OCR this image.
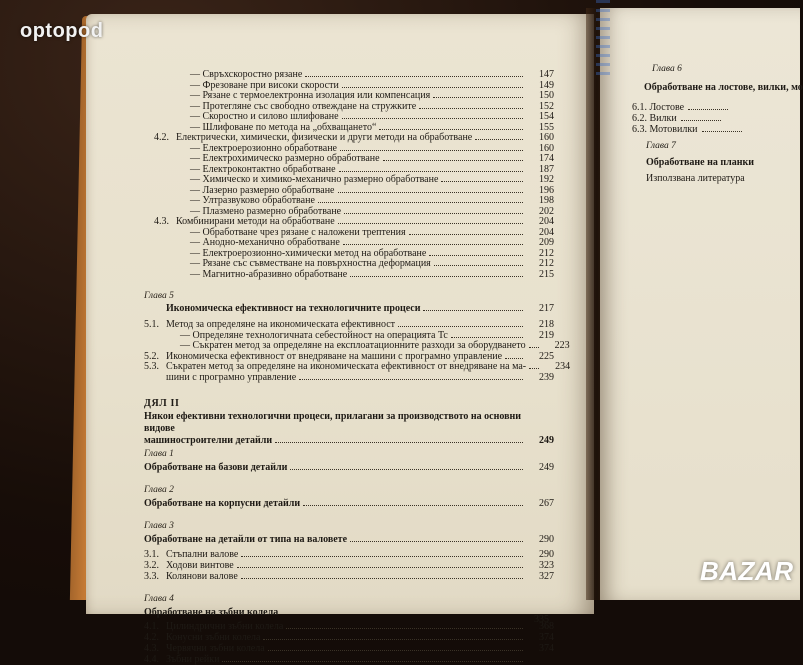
— Свръхскоростно рязане	147
— Фрезоване при високи скорости	149
— Рязане с термоелектронна изолация или компенсация	150
— Протегляне със свободно отвеждане на стружките	152
— Скоростно и силово шлифоване	154
— Шлифоване по метода на „обхващането“	155
4.2. Електрически, химически, физически и други методи на обработване	160
— Електроерозионно обработване	160
— Електрохимическо размерно обработване	174
— Електроконтактно обработване	187
— Химическо и химико-механично размерно обработване	192
— Лазерно размерно обработване	196
— Ултразвуково обработване	198
— Плазмено размерно обработване	202
4.3. Комбинирани методи на обработване	204
— Обработване чрез рязане с наложени трептения	204
— Анодно-механично обработване	209
— Електроерозионно-химически метод на обработване	212
— Рязане със съвместване на повърхностна деформация	212
— Магнитно-абразивно обработване	215
Глава 5
Икономическа ефективност на технологичните процеси	217
5.1. Метод за определяне на икономическата ефективност	218
— Определяне технологичната себестойност на операцията Tc	219
— Съкратен метод за определяне на експлоатационните разходи за оборудването	223
5.2. Икономическа ефективност от внедряване на машини с програмно управление	225
5.3. Съкратен метод за определяне на икономическата ефективност от внедряване на ма-	234
шини с програмно управление	239
ДЯЛ II
Някои ефективни технологични процеси, прилагани за производството на основни видове
машиностроителни детайли	249
Глава 1
Обработване на базови детайли	249
Глава 2
Обработване на корпусни детайли	267
Глава 3
Обработване на детайли от типа на валовете	290
3.1. Стъпални валове	290
3.2. Ходови винтове	323
3.3. Колянови валове	327
Глава 4
Обработване на зъбни колела
4.1. Цилиндрични зъбни колела	368
4.2. Конусни зъбни колела	374
4.3. Червячни зъбни колела	374
4.4. Зъбни рейки
335
Глава 6
Обработване на лостове, вилки, мо
6.1. Лостове
6.2. Вилки
6.3. Мотовилки
Глава 7
Обработване на планки
Използвана литература
optopod
BAZAR
